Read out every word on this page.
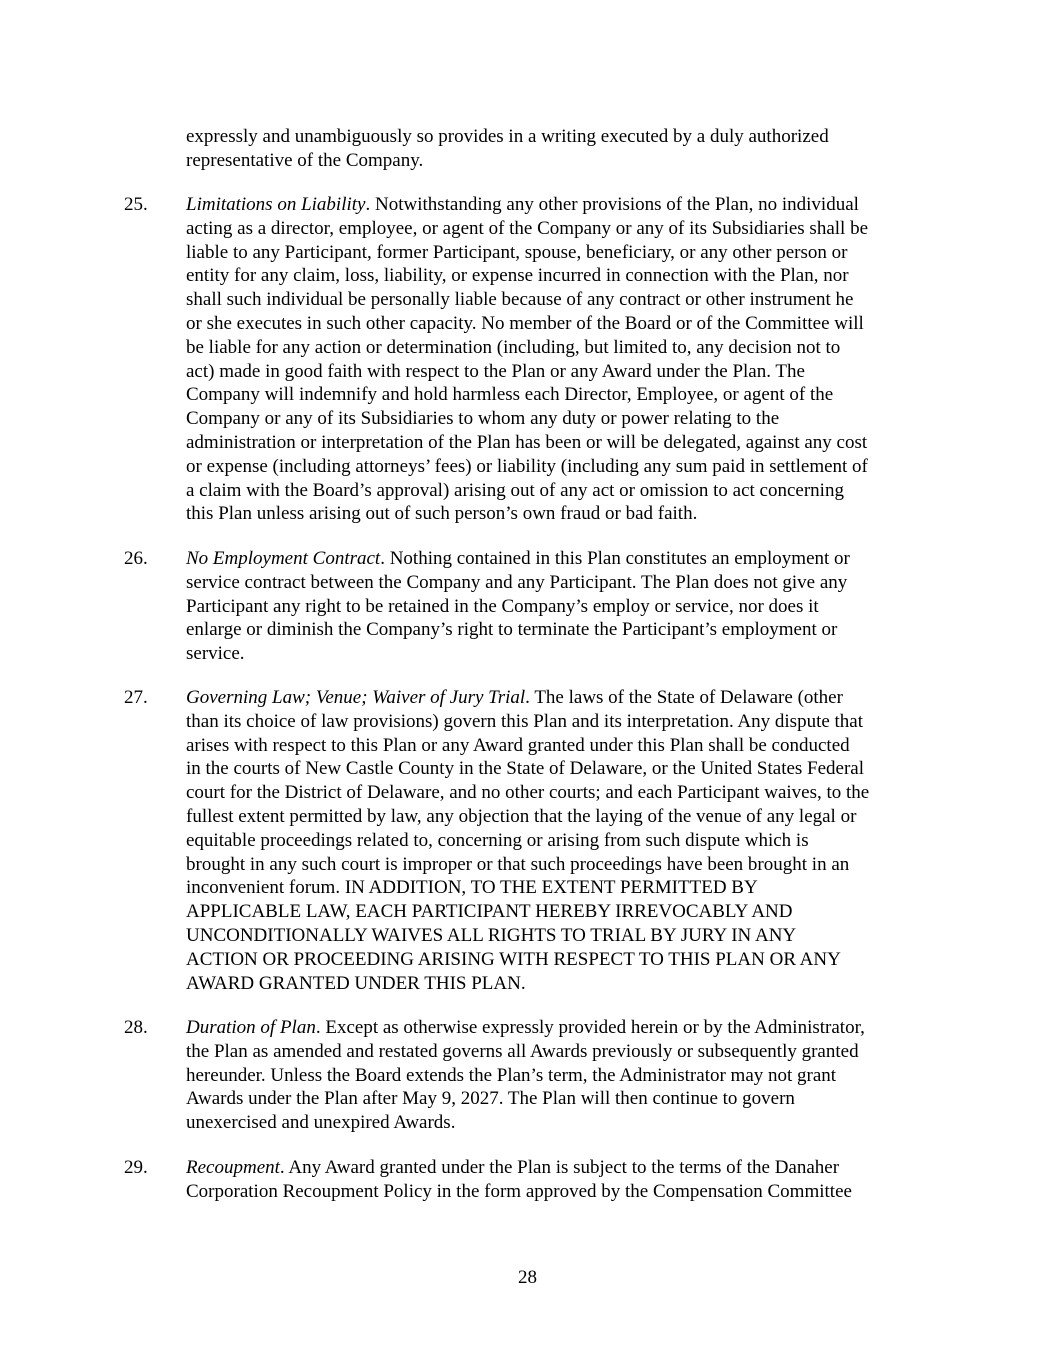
expressly and unambiguously so provides in a writing executed by a duly authorized
representative of the Company.
25.	Limitations on Liability. Notwithstanding any other provisions of the Plan, no individual
acting as a director, employee, or agent of the Company or any of its Subsidiaries shall be
liable to any Participant, former Participant, spouse, beneficiary, or any other person or
entity for any claim, loss, liability, or expense incurred in connection with the Plan, nor
shall such individual be personally liable because of any contract or other instrument he
or she executes in such other capacity. No member of the Board or of the Committee will
be liable for any action or determination (including, but limited to, any decision not to
act) made in good faith with respect to the Plan or any Award under the Plan. The
Company will indemnify and hold harmless each Director, Employee, or agent of the
Company or any of its Subsidiaries to whom any duty or power relating to the
administration or interpretation of the Plan has been or will be delegated, against any cost
or expense (including attorneys’ fees) or liability (including any sum paid in settlement of
a claim with the Board’s approval) arising out of any act or omission to act concerning
this Plan unless arising out of such person’s own fraud or bad faith.
26.	No Employment Contract. Nothing contained in this Plan constitutes an employment or
service contract between the Company and any Participant. The Plan does not give any
Participant any right to be retained in the Company’s employ or service, nor does it
enlarge or diminish the Company’s right to terminate the Participant’s employment or
service.
27.	Governing Law; Venue; Waiver of Jury Trial. The laws of the State of Delaware (other
than its choice of law provisions) govern this Plan and its interpretation. Any dispute that
arises with respect to this Plan or any Award granted under this Plan shall be conducted
in the courts of New Castle County in the State of Delaware, or the United States Federal
court for the District of Delaware, and no other courts; and each Participant waives, to the
fullest extent permitted by law, any objection that the laying of the venue of any legal or
equitable proceedings related to, concerning or arising from such dispute which is
brought in any such court is improper or that such proceedings have been brought in an
inconvenient forum. IN ADDITION, TO THE EXTENT PERMITTED BY
APPLICABLE LAW, EACH PARTICIPANT HEREBY IRREVOCABLY AND
UNCONDITIONALLY WAIVES ALL RIGHTS TO TRIAL BY JURY IN ANY
ACTION OR PROCEEDING ARISING WITH RESPECT TO THIS PLAN OR ANY
AWARD GRANTED UNDER THIS PLAN.
28.	Duration of Plan. Except as otherwise expressly provided herein or by the Administrator,
the Plan as amended and restated governs all Awards previously or subsequently granted
hereunder. Unless the Board extends the Plan’s term, the Administrator may not grant
Awards under the Plan after May 9, 2027. The Plan will then continue to govern
unexercised and unexpired Awards.
29.	Recoupment. Any Award granted under the Plan is subject to the terms of the Danaher
Corporation Recoupment Policy in the form approved by the Compensation Committee
28
